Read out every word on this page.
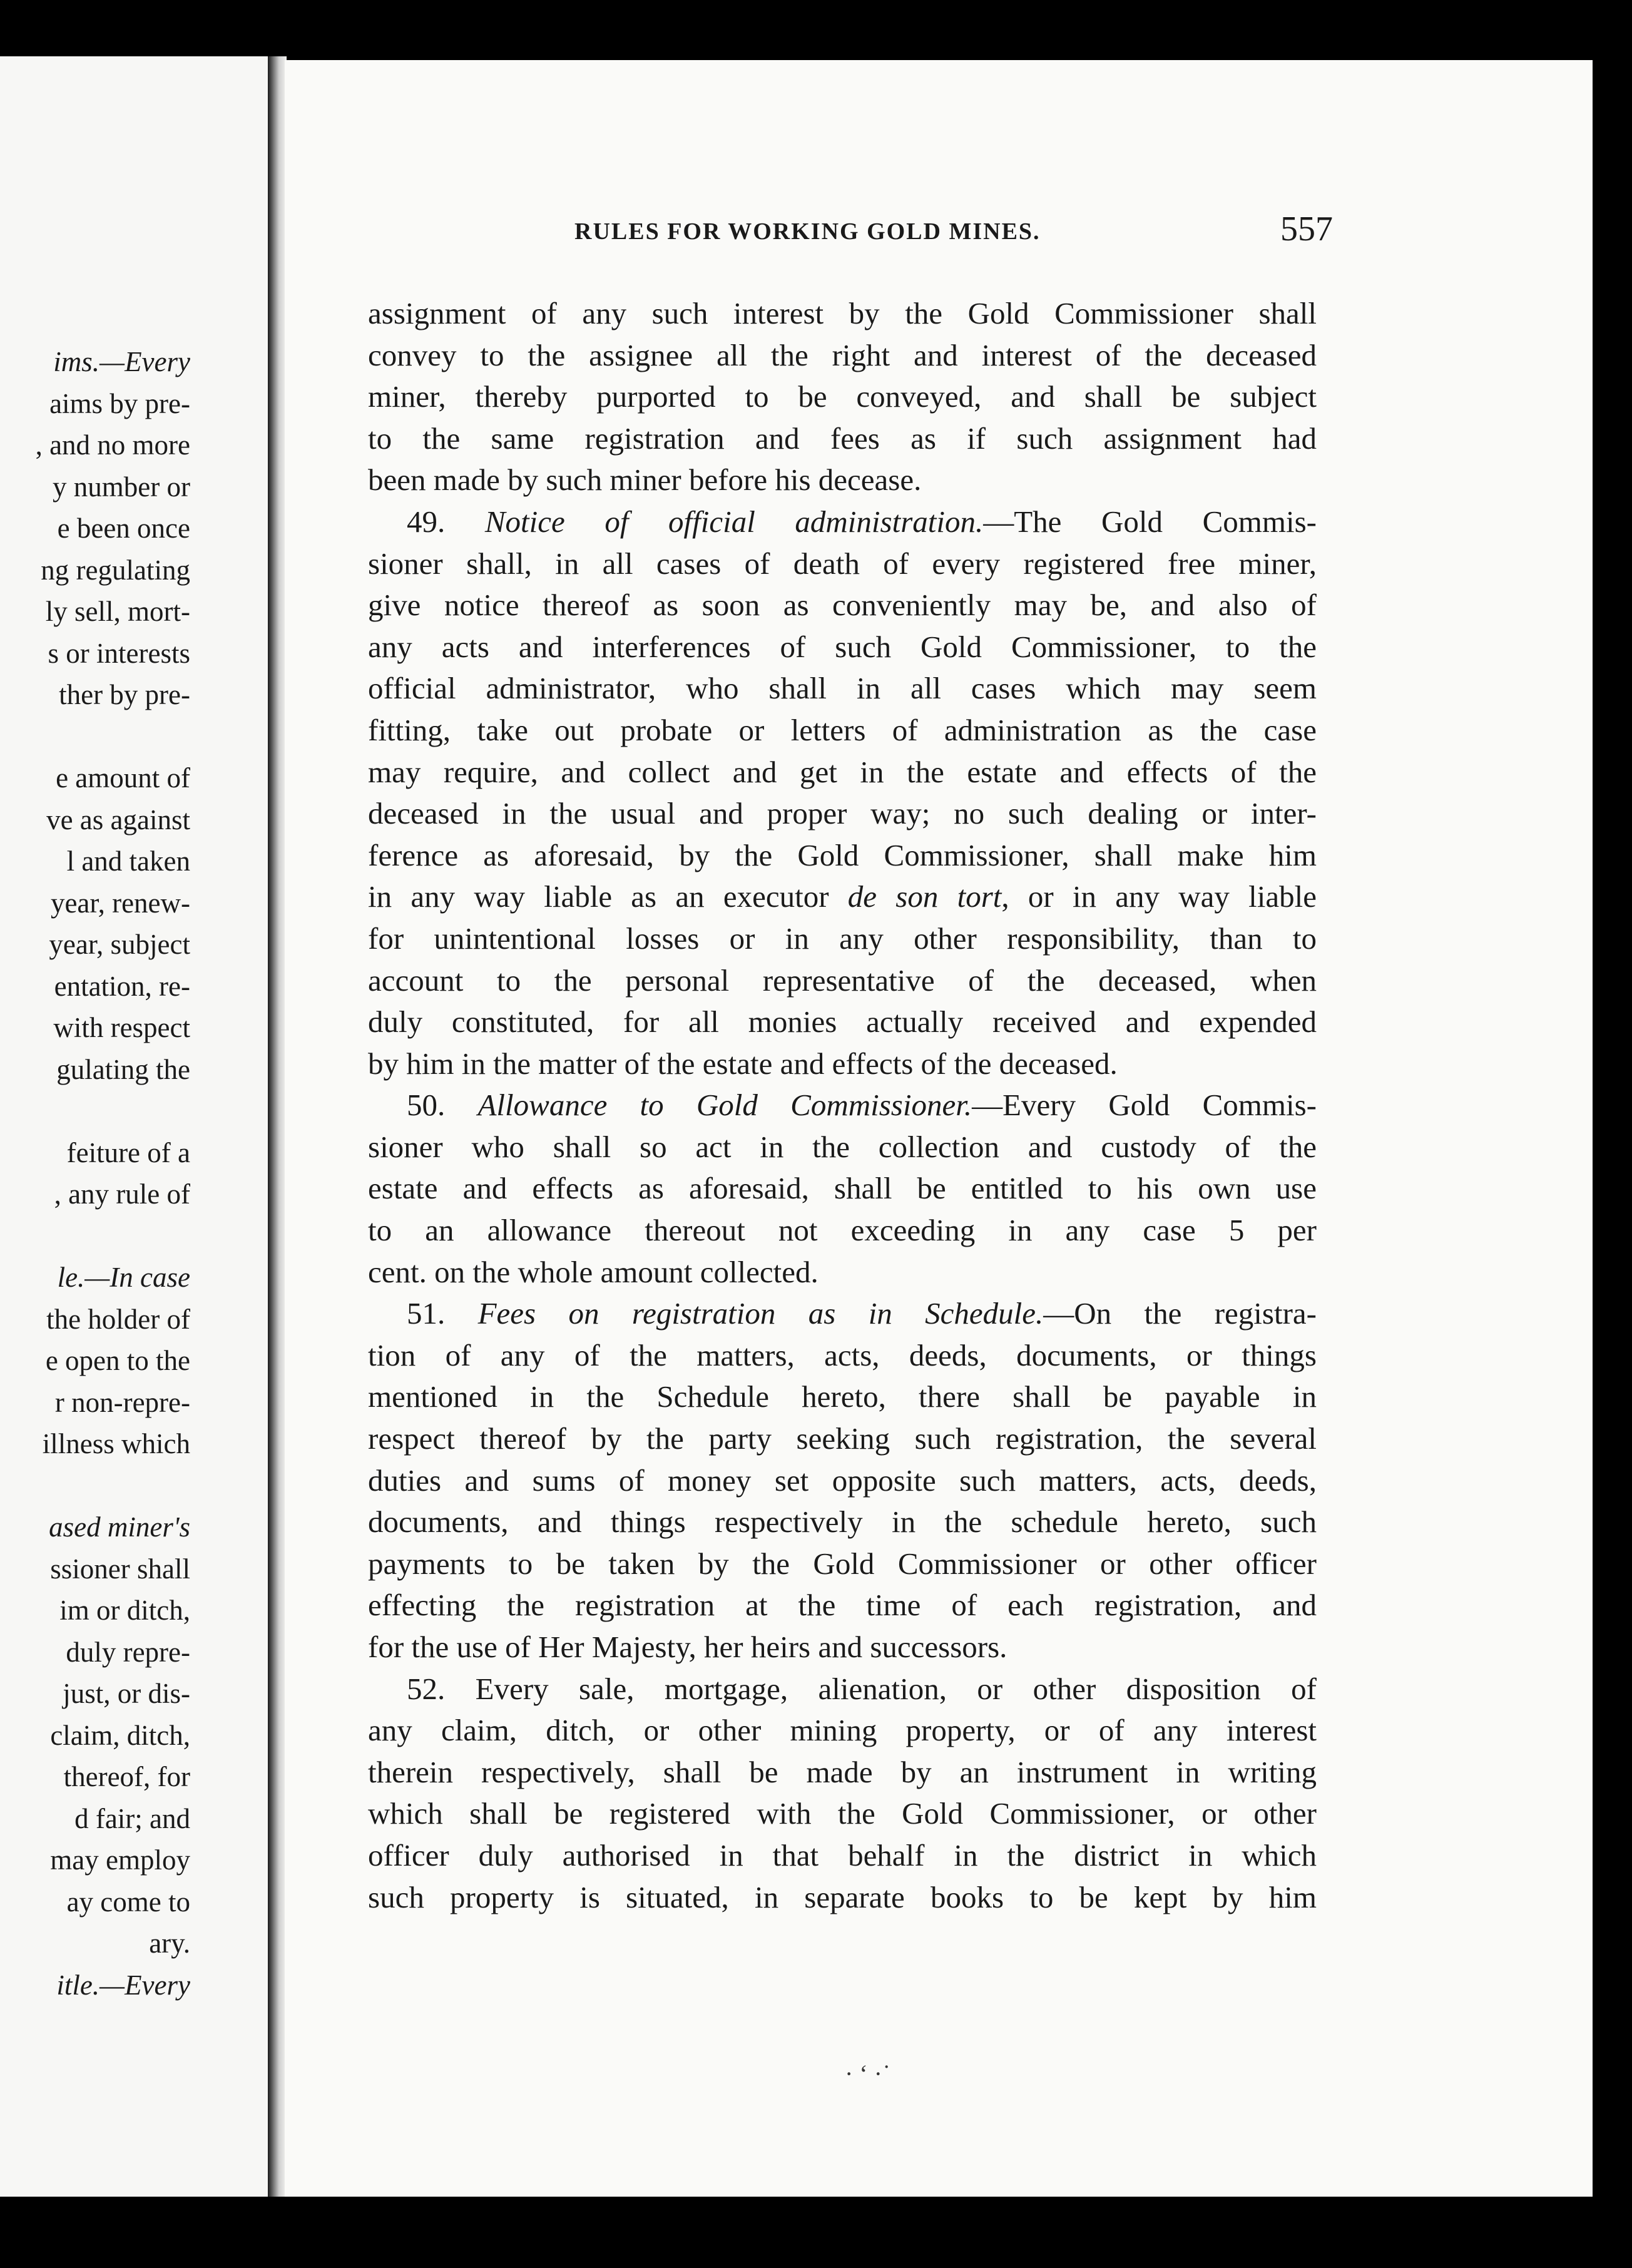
ims.—Every
aims by pre-
, and no more
y number or
e been once
ng regulating
ly sell, mort-
s or interests
ther by pre-

e amount of
ve as against
l and taken
year, renew-
year, subject
entation, re-
with respect
gulating the

feiture of a
, any rule of

le.—In case
the holder of
e open to the
r non-repre-
illness which

ased miner's
ssioner shall
im or ditch,
duly repre-
just, or dis-
claim, ditch,
thereof, for
d fair; and
may employ
ay come to
ary.
itle.—Every
RULES FOR WORKING GOLD MINES.	557
assignment of any such interest by the Gold Commissioner shall
convey to the assignee all the right and interest of the deceased
miner, thereby purported to be conveyed, and shall be subject
to the same registration and fees as if such assignment had
been made by such miner before his decease.
49. Notice of official administration.—The Gold Commis-
sioner shall, in all cases of death of every registered free miner,
give notice thereof as soon as conveniently may be, and also of
any acts and interferences of such Gold Commissioner, to the
official administrator, who shall in all cases which may seem
fitting, take out probate or letters of administration as the case
may require, and collect and get in the estate and effects of the
deceased in the usual and proper way; no such dealing or inter-
ference as aforesaid, by the Gold Commissioner, shall make him
in any way liable as an executor de son tort, or in any way liable
for unintentional losses or in any other responsibility, than to
account to the personal representative of the deceased, when
duly constituted, for all monies actually received and expended
by him in the matter of the estate and effects of the deceased.
50. Allowance to Gold Commissioner.—Every Gold Commis-
sioner who shall so act in the collection and custody of the
estate and effects as aforesaid, shall be entitled to his own use
to an allowance thereout not exceeding in any case 5 per
cent. on the whole amount collected.
51. Fees on registration as in Schedule.—On the registra-
tion of any of the matters, acts, deeds, documents, or things
mentioned in the Schedule hereto, there shall be payable in
respect thereof by the party seeking such registration, the several
duties and sums of money set opposite such matters, acts, deeds,
documents, and things respectively in the schedule hereto, such
payments to be taken by the Gold Commissioner or other officer
effecting the registration at the time of each registration, and
for the use of Her Majesty, her heirs and successors.
52. Every sale, mortgage, alienation, or other disposition of
any claim, ditch, or other mining property, or of any interest
therein respectively, shall be made by an instrument in writing
which shall be registered with the Gold Commissioner, or other
officer duly authorised in that behalf in the district in which
such property is situated, in separate books to be kept by him
· ʻ ·˙
